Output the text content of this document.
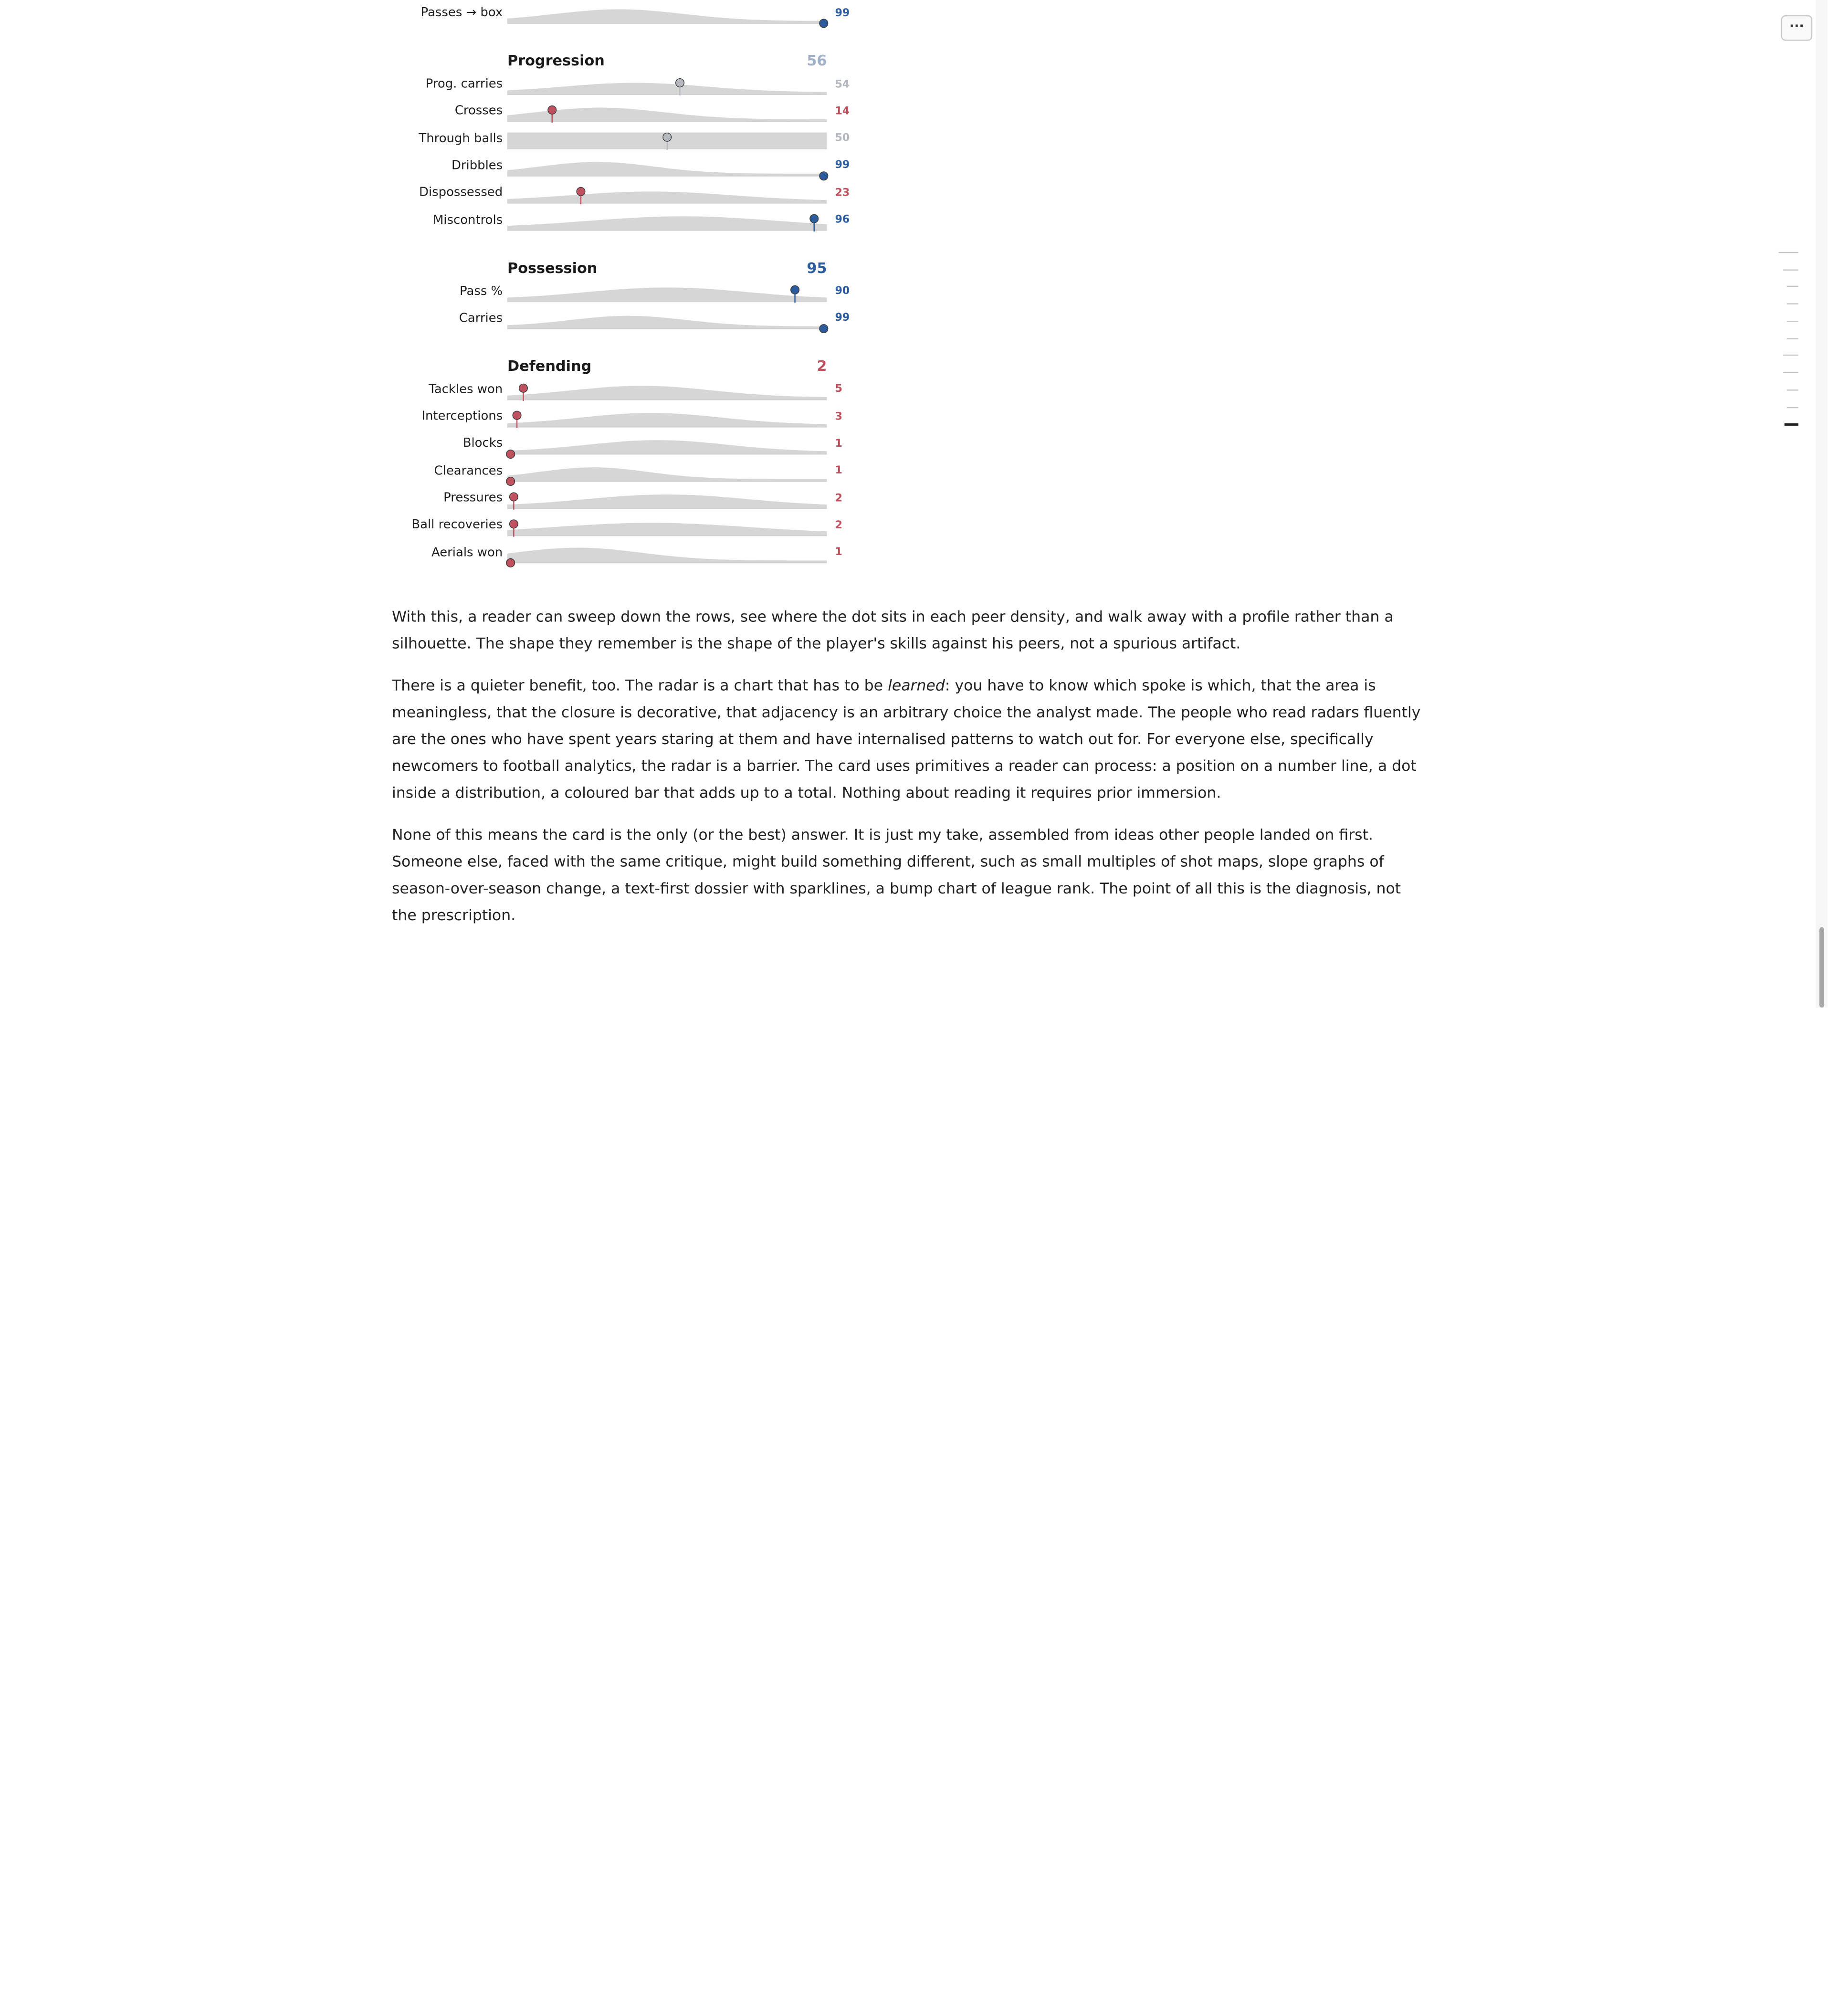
Passes → box	99
Progression	56
Prog. carries	54
Crosses	14
Through balls	50
Dribbles	99
Dispossessed	23
Miscontrols	96
Possession	95
Pass %	90
Carries	99
Defending	2
Tackles won	5
Interceptions	3
Blocks	1
Clearances	1
Pressures	2
Ball recoveries	2
Aerials won	1

With this, a reader can sweep down the rows, see where the dot sits in each peer density, and walk away with a profile rather than a silhouette. The shape they remember is the shape of the player's skills against his peers, not a spurious artifact.

There is a quieter benefit, too. The radar is a chart that has to be learned: you have to know which spoke is which, that the area is meaningless, that the closure is decorative, that adjacency is an arbitrary choice the analyst made. The people who read radars fluently are the ones who have spent years staring at them and have internalised patterns to watch out for. For everyone else, specifically newcomers to football analytics, the radar is a barrier. The card uses primitives a reader can process: a position on a number line, a dot inside a distribution, a coloured bar that adds up to a total. Nothing about reading it requires prior immersion.

None of this means the card is the only (or the best) answer. It is just my take, assembled from ideas other people landed on first. Someone else, faced with the same critique, might build something different, such as small multiples of shot maps, slope graphs of season-over-season change, a text-first dossier with sparklines, a bump chart of league rank. The point of all this is the diagnosis, not the prescription.

···
